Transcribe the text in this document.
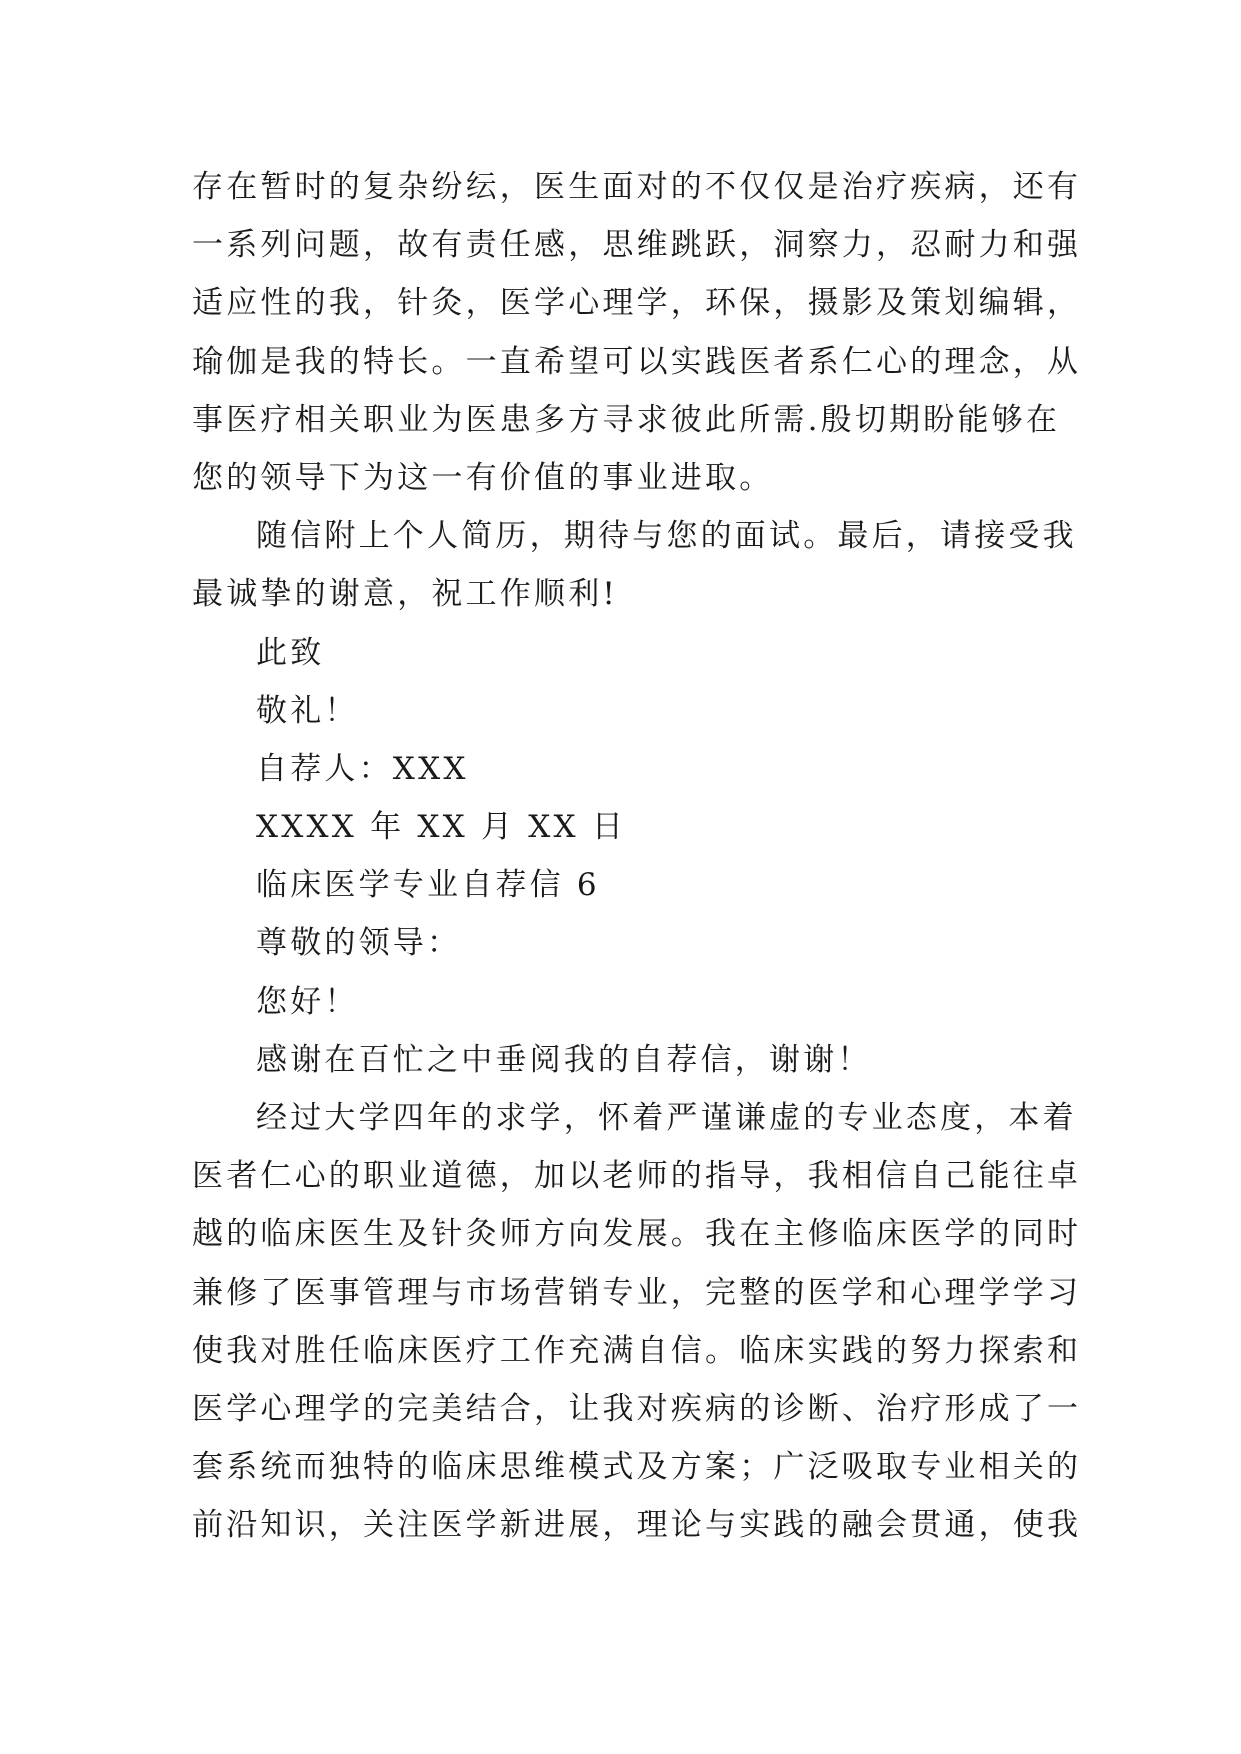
存在暂时的复杂纷纭，医生面对的不仅仅是治疗疾病，还有
一系列问题，故有责任感，思维跳跃，洞察力，忍耐力和强
适应性的我，针灸，医学心理学，环保，摄影及策划编辑，
瑜伽是我的特长。一直希望可以实践医者系仁心的理念，从
事医疗相关职业为医患多方寻求彼此所需.殷切期盼能够在
您的领导下为这一有价值的事业进取。
随信附上个人简历，期待与您的面试。最后，请接受我
最诚挚的谢意，祝工作顺利!
此致
敬礼！
自荐人：XXX
XXXX 年 XX 月 XX 日
临床医学专业自荐信 6
尊敬的领导：
您好！
感谢在百忙之中垂阅我的自荐信，谢谢！
经过大学四年的求学，怀着严谨谦虚的专业态度，本着
医者仁心的职业道德，加以老师的指导，我相信自己能往卓
越的临床医生及针灸师方向发展。我在主修临床医学的同时
兼修了医事管理与市场营销专业，完整的医学和心理学学习
使我对胜任临床医疗工作充满自信。临床实践的努力探索和
医学心理学的完美结合，让我对疾病的诊断、治疗形成了一
套系统而独特的临床思维模式及方案；广泛吸取专业相关的
前沿知识，关注医学新进展，理论与实践的融会贯通，使我
